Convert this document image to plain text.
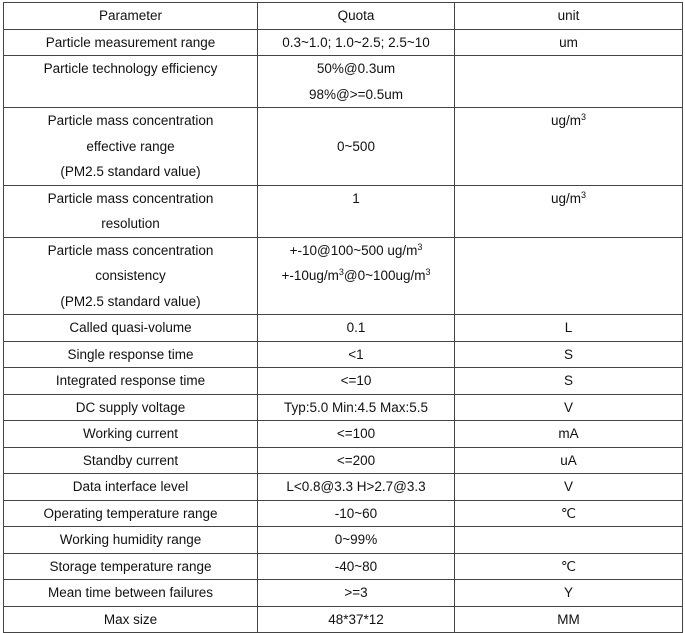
Parameter	Quota	unit
Particle measurement range	0.3~1.0; 1.0~2.5; 2.5~10	um

Particle technology efficiency	50%@0.3um
98%@>=0.5um	

Particle mass concentration
effective range
(PM2.5 standard value)	0~500	$ug/m^3$

Particle mass concentration
resolution	1	$ug/m^3$

Particle mass concentration
consistency
(PM2.5 standard value)	+-10@100~500 $ug/m^3$
$+-10ug/m^3@0\sim 100ug/m^3$

Called quasi-volume	0.1	L
Single response time	<1	S
Integrated response time	<=10	S
DC supply voltage	Typ:5.0 Min:4.5 Max:5.5	V
Working current	<=100	mA
Standby current	<=200	uA
Data interface level	L<0.8@3.3 H>2.7@3.3	V
Operating temperature range	-10~60	℃
Working humidity range	0~99%	
Storage temperature range	-40~80	℃
Mean time between failures	>=3	Y
Max size	48*37*12	MM
